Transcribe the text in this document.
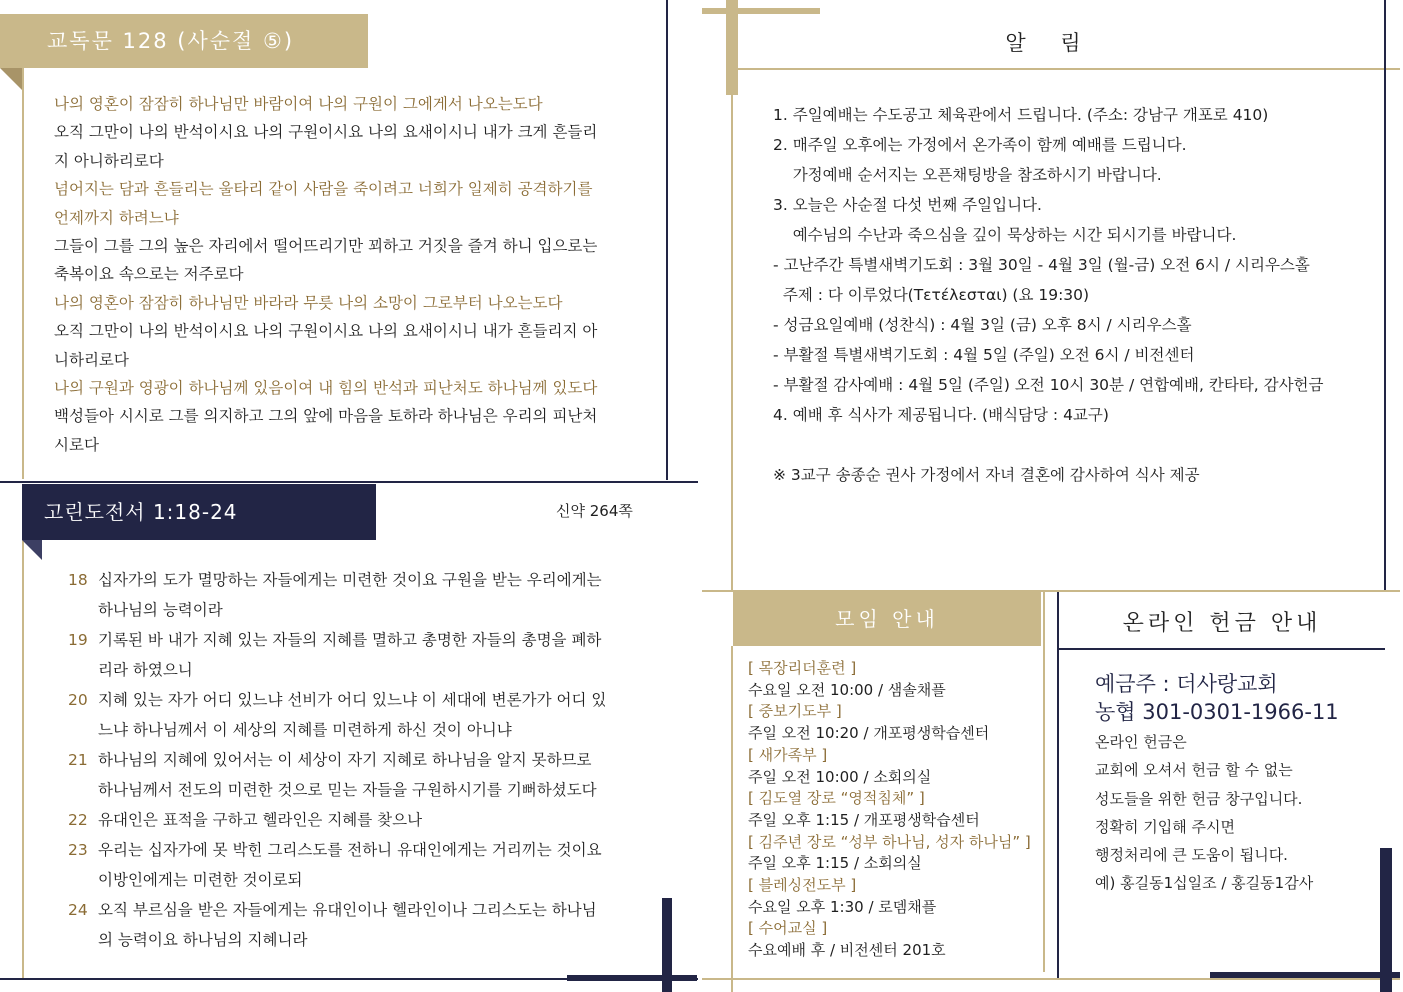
교독문 128 (사순절 ⑤)
나의 영혼이 잠잠히 하나님만 바람이여 나의 구원이 그에게서 나오는도다
오직 그만이 나의 반석이시요 나의 구원이시요 나의 요새이시니 내가 크게 흔들리
지 아니하리로다
넘어지는 담과 흔들리는 울타리 같이 사람을 죽이려고 너희가 일제히 공격하기를
언제까지 하려느냐
그들이 그를 그의 높은 자리에서 떨어뜨리기만 꾀하고 거짓을 즐겨 하니 입으로는
축복이요 속으로는 저주로다
나의 영혼아 잠잠히 하나님만 바라라 무릇 나의 소망이 그로부터 나오는도다
오직 그만이 나의 반석이시요 나의 구원이시요 나의 요새이시니 내가 흔들리지 아
니하리로다
나의 구원과 영광이 하나님께 있음이여 내 힘의 반석과 피난처도 하나님께 있도다
백성들아 시시로 그를 의지하고 그의 앞에 마음을 토하라 하나님은 우리의 피난처
시로다
고린도전서 1:18-24	신약 264쪽
18 십자가의 도가 멸망하는 자들에게는 미련한 것이요 구원을 받는 우리에게는
하나님의 능력이라
19 기록된 바 내가 지혜 있는 자들의 지혜를 멸하고 총명한 자들의 총명을 폐하
리라 하였으니
20 지혜 있는 자가 어디 있느냐 선비가 어디 있느냐 이 세대에 변론가가 어디 있
느냐 하나님께서 이 세상의 지혜를 미련하게 하신 것이 아니냐
21 하나님의 지혜에 있어서는 이 세상이 자기 지혜로 하나님을 알지 못하므로
하나님께서 전도의 미련한 것으로 믿는 자들을 구원하시기를 기뻐하셨도다
22 유대인은 표적을 구하고 헬라인은 지혜를 찾으나
23 우리는 십자가에 못 박힌 그리스도를 전하니 유대인에게는 거리끼는 것이요
이방인에게는 미련한 것이로되
24 오직 부르심을 받은 자들에게는 유대인이나 헬라인이나 그리스도는 하나님
의 능력이요 하나님의 지혜니라
알 림
1. 주일예배는 수도공고 체육관에서 드립니다. (주소: 강남구 개포로 410)
2. 매주일 오후에는 가정에서 온가족이 함께 예배를 드립니다.
가정예배 순서지는 오픈채팅방을 참조하시기 바랍니다.
3. 오늘은 사순절 다섯 번째 주일입니다.
예수님의 수난과 죽으심을 깊이 묵상하는 시간 되시기를 바랍니다.
- 고난주간 특별새벽기도회 : 3월 30일 - 4월 3일 (월-금) 오전 6시 / 시리우스홀
주제 : 다 이루었다(Τετέλεσται) (요 19:30)
- 성금요일예배 (성찬식) : 4월 3일 (금) 오후 8시 / 시리우스홀
- 부활절 특별새벽기도회 : 4월 5일 (주일) 오전 6시 / 비전센터
- 부활절 감사예배 : 4월 5일 (주일) 오전 10시 30분 / 연합예배, 칸타타, 감사헌금
4. 예배 후 식사가 제공됩니다. (배식담당 : 4교구)

※ 3교구 송종순 권사 가정에서 자녀 결혼에 감사하여 식사 제공
모임 안내
[ 목장리더훈련 ]
수요일 오전 10:00 / 샘솔채플
[ 중보기도부 ]
주일 오전 10:20 / 개포평생학습센터
[ 새가족부 ]
주일 오전 10:00 / 소회의실
[ 김도열 장로 “영적침체” ]
주일 오후 1:15 / 개포평생학습센터
[ 김주년 장로 “성부 하나님, 성자 하나님” ]
주일 오후 1:15 / 소회의실
[ 블레싱전도부 ]
수요일 오후 1:30 / 로뎀채플
[ 수어교실 ]
수요예배 후 / 비전센터 201호
온라인 헌금 안내
예금주 : 더사랑교회
농협 301-0301-1966-11
온라인 헌금은
교회에 오셔서 헌금 할 수 없는
성도들을 위한 헌금 창구입니다.
정확히 기입해 주시면
행정처리에 큰 도움이 됩니다.
예) 홍길동1십일조 / 홍길동1감사
